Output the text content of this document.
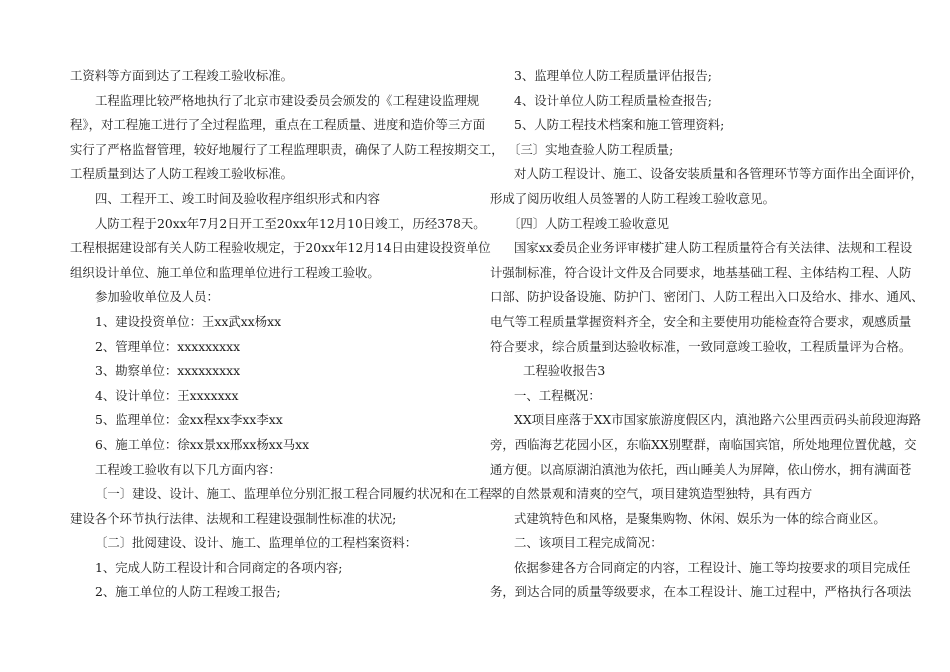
工资料等方面到达了工程竣工验收标准。
工程监理比较严格地执行了北京市建设委员会颁发的《工程建设监理规
程》，对工程施工进行了全过程监理，重点在工程质量、进度和造价等三方面
实行了严格监督管理，较好地履行了工程监理职责，确保了人防工程按期交工，
工程质量到达了人防工程竣工验收标准。
四、工程开工、竣工时间及验收程序组织形式和内容
人防工程于20xx年7月2日开工至20xx年12月10日竣工，历经378天。
工程根据建设部有关人防工程验收规定，于20xx年12月14日由建设投资单位
组织设计单位、施工单位和监理单位进行工程竣工验收。
参加验收单位及人员：
1、建设投资单位：王xx武xx杨xx
2、管理单位：xxxxxxxxx
3、勘察单位：xxxxxxxxx
4、设计单位：王xxxxxxx
5、监理单位：金xx程xx李xx李xx
6、施工单位：徐xx景xx邢xx杨xx马xx
工程竣工验收有以下几方面内容：
〔一〕建设、设计、施工、监理单位分别汇报工程合同履约状况和在工程
建设各个环节执行法律、法规和工程建设强制性标准的状况;
〔二〕批阅建设、设计、施工、监理单位的工程档案资料：
1、完成人防工程设计和合同商定的各项内容;
2、施工单位的人防工程竣工报告;
3、监理单位人防工程质量评估报告;
4、设计单位人防工程质量检查报告;
5、人防工程技术档案和施工管理资料;
〔三〕实地查验人防工程质量;
对人防工程设计、施工、设备安装质量和各管理环节等方面作出全面评价，
形成了阅历收组人员签署的人防工程竣工验收意见。
〔四〕人防工程竣工验收意见
国家xx委员企业务评审楼扩建人防工程质量符合有关法律、法规和工程设
计强制标准，符合设计文件及合同要求，地基基础工程、主体结构工程、人防
口部、防护设备设施、防护门、密闭门、人防工程出入口及给水、排水、通风、
电气等工程质量掌握资料齐全，安全和主要使用功能检查符合要求，观感质量
符合要求，综合质量到达验收标准，一致同意竣工验收，工程质量评为合格。
工程验收报告3
一、工程概况：
XX项目座落于XX市国家旅游度假区内，滇池路六公里西贡码头前段迎海路
旁，西临海艺花园小区，东临XX别墅群，南临国宾馆，所处地理位置优越，交
通方便。以高原湖泊滇池为依托，西山睡美人为屏障，依山傍水，拥有满面苍
翠的自然景观和清爽的空气，项目建筑造型独特，具有西方
式建筑特色和风格，是聚集购物、休闲、娱乐为一体的综合商业区。
二、该项目工程完成简况：
依据参建各方合同商定的内容，工程设计、施工等均按要求的项目完成任
务，到达合同的质量等级要求，在本工程设计、施工过程中，严格执行各项法
